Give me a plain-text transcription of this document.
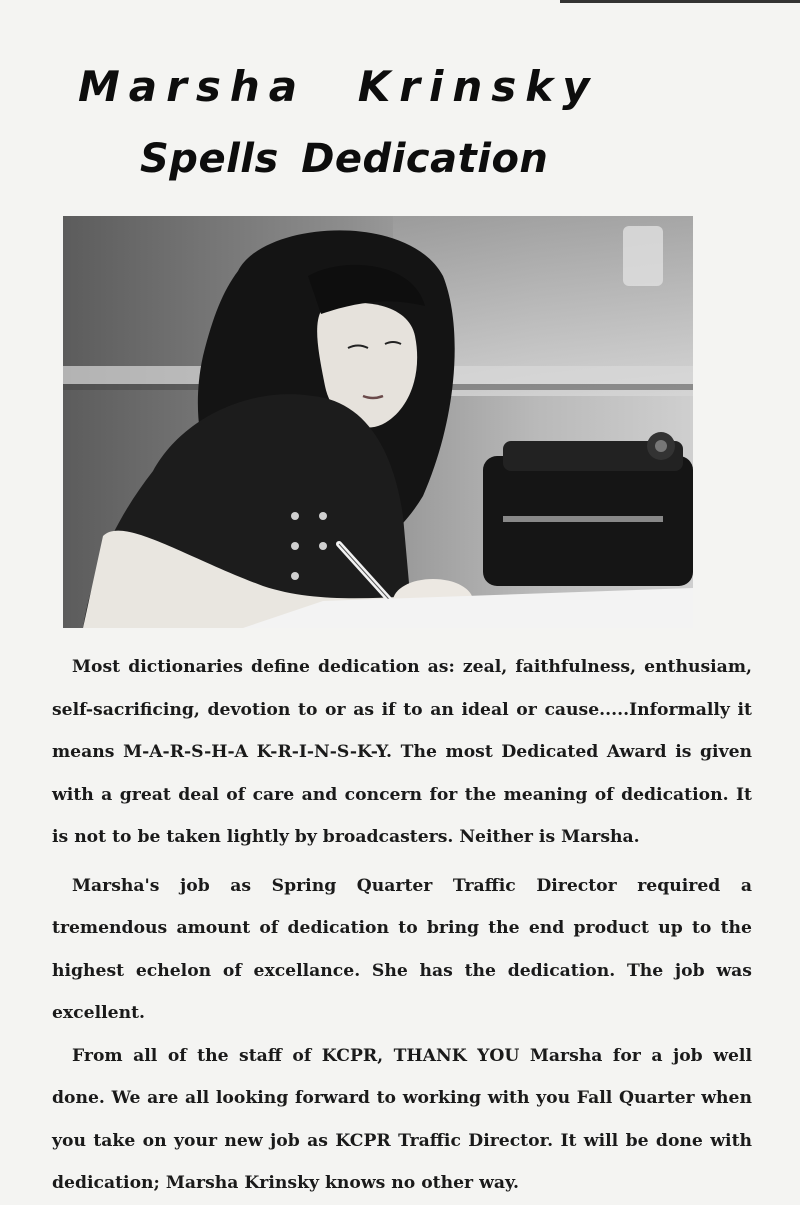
Marsha Krinsky
Spells Dedication

Most dictionaries define dedication as: zeal, faithfulness, enthusiam, self-sacrificing, devotion to or as if to an ideal or cause.....Informally it means M-A-R-S-H-A K-R-I-N-S-K-Y. The most Dedicated Award is given with a great deal of care and concern for the meaning of dedication. It is not to be taken lightly by broadcasters. Neither is Marsha.

Marsha's job as Spring Quarter Traffic Director required a tremendous amount of dedication to bring the end product up to the highest echelon of excellance. She has the dedication. The job was excellent.

From all of the staff of KCPR, THANK YOU Marsha for a job well done. We are all looking forward to working with you Fall Quarter when you take on your new job as KCPR Traffic Director. It will be done with dedication; Marsha Krinsky knows no other way.
